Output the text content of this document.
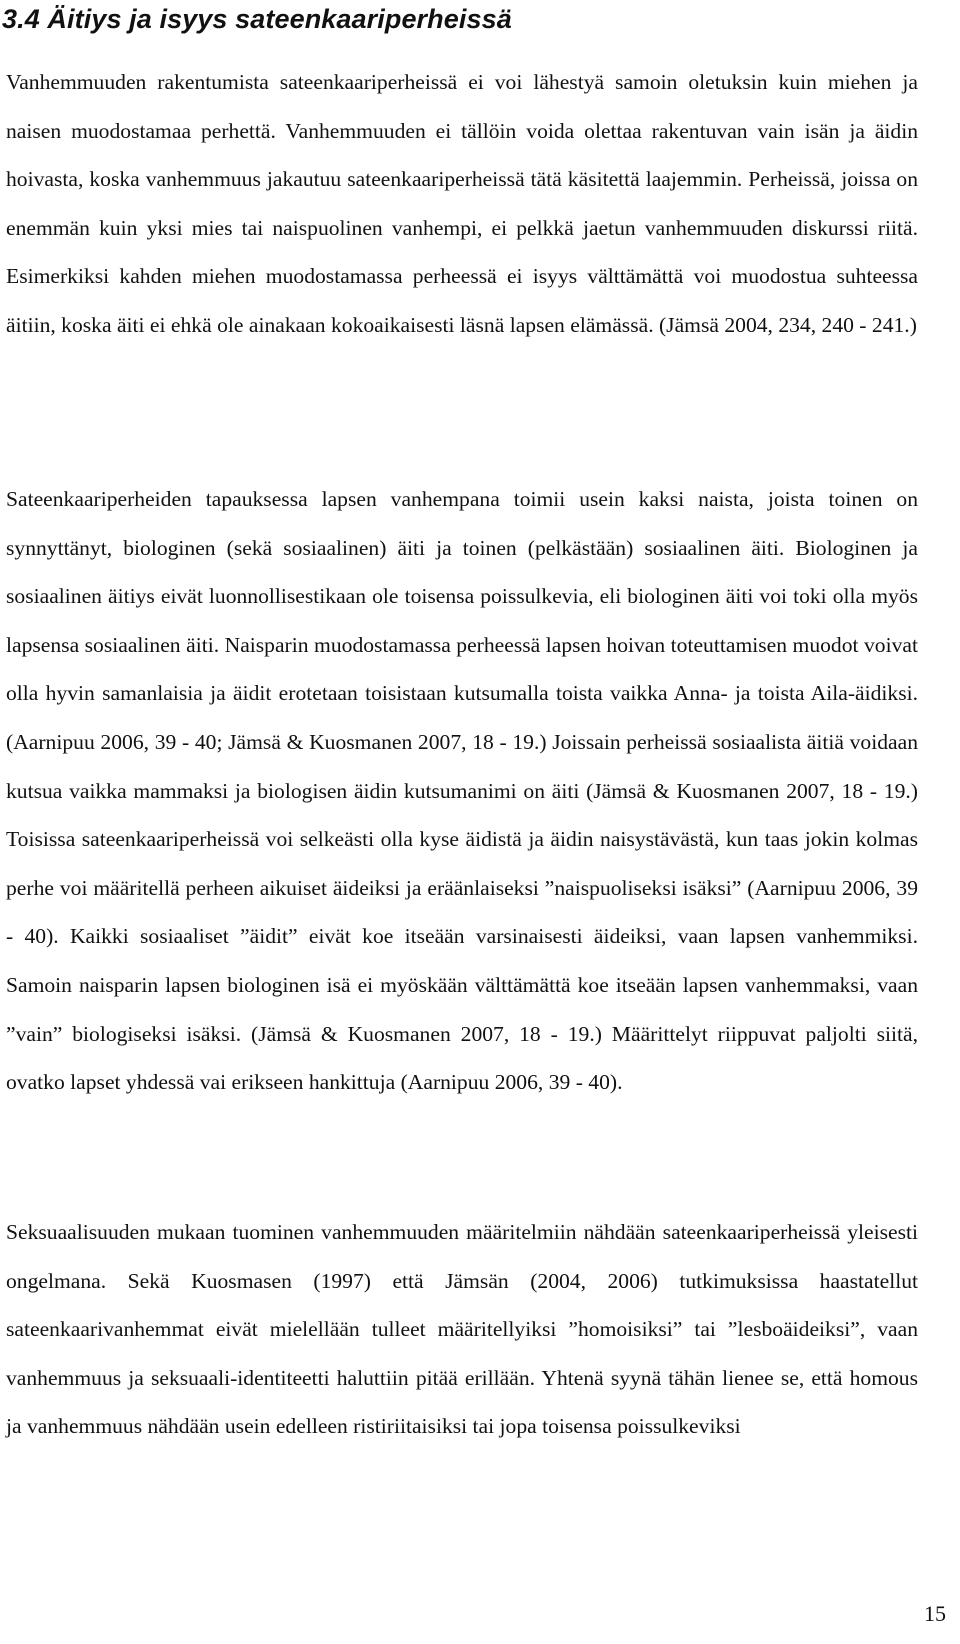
3.4 Äitiys ja isyys sateenkaariperheissä

Vanhemmuuden rakentumista sateenkaariperheissä ei voi lähestyä samoin oletuksin kuin miehen ja naisen muodostamaa perhettä. Vanhemmuuden ei tällöin voida olettaa rakentuvan vain isän ja äidin hoivasta, koska vanhemmuus jakautuu sateenkaariperheissä tätä käsitettä laajemmin. Perheissä, joissa on enemmän kuin yksi mies tai naispuolinen vanhempi, ei pelkkä jaetun vanhemmuuden diskurssi riitä. Esimerkiksi kahden miehen muodostamassa perheessä ei isyys välttämättä voi muodostua suhteessa äitiin, koska äiti ei ehkä ole ainakaan kokoaikaisesti läsnä lapsen elämässä. (Jämsä 2004, 234, 240 - 241.)

Sateenkaariperheiden tapauksessa lapsen vanhempana toimii usein kaksi naista, joista toinen on synnyttänyt, biologinen (sekä sosiaalinen) äiti ja toinen (pelkästään) sosiaalinen äiti. Biologinen ja sosiaalinen äitiys eivät luonnollisestikaan ole toisensa poissulkevia, eli biologinen äiti voi toki olla myös lapsensa sosiaalinen äiti. Naisparin muodostamassa perheessä lapsen hoivan toteuttamisen muodot voivat olla hyvin samanlaisia ja äidit erotetaan toisistaan kutsumalla toista vaikka Anna- ja toista Aila-äidiksi. (Aarnipuu 2006, 39 - 40; Jämsä & Kuosmanen 2007, 18 - 19.) Joissain perheissä sosiaalista äitiä voidaan kutsua vaikka mammaksi ja biologisen äidin kutsumanimi on äiti (Jämsä & Kuosmanen 2007, 18 - 19.) Toisissa sateenkaariperheissä voi selkeästi olla kyse äidistä ja äidin naisystävästä, kun taas jokin kolmas perhe voi määritellä perheen aikuiset äideiksi ja eräänlaiseksi ”naispuoliseksi isäksi” (Aarnipuu 2006, 39 - 40). Kaikki sosiaaliset ”äidit” eivät koe itseään varsinaisesti äideiksi, vaan lapsen vanhemmiksi. Samoin naisparin lapsen biologinen isä ei myöskään välttämättä koe itseään lapsen vanhemmaksi, vaan ”vain” biologiseksi isäksi. (Jämsä & Kuosmanen 2007, 18 - 19.) Määrittelyt riippuvat paljolti siitä, ovatko lapset yhdessä vai erikseen hankittuja (Aarnipuu 2006, 39 - 40).

Seksuaalisuuden mukaan tuominen vanhemmuuden määritelmiin nähdään sateenkaariperheissä yleisesti ongelmana. Sekä Kuosmasen (1997) että Jämsän (2004, 2006) tutkimuksissa haastatellut sateenkaarivanhemmat eivät mielellään tulleet määritellyiksi ”homoisiksi” tai ”lesboäideiksi”, vaan vanhemmuus ja seksuaali-identiteetti haluttiin pitää erillään. Yhtenä syynä tähän lienee se, että homous ja vanhemmuus nähdään usein edelleen ristiriitaisiksi tai jopa toisensa poissulkeviksi

15
